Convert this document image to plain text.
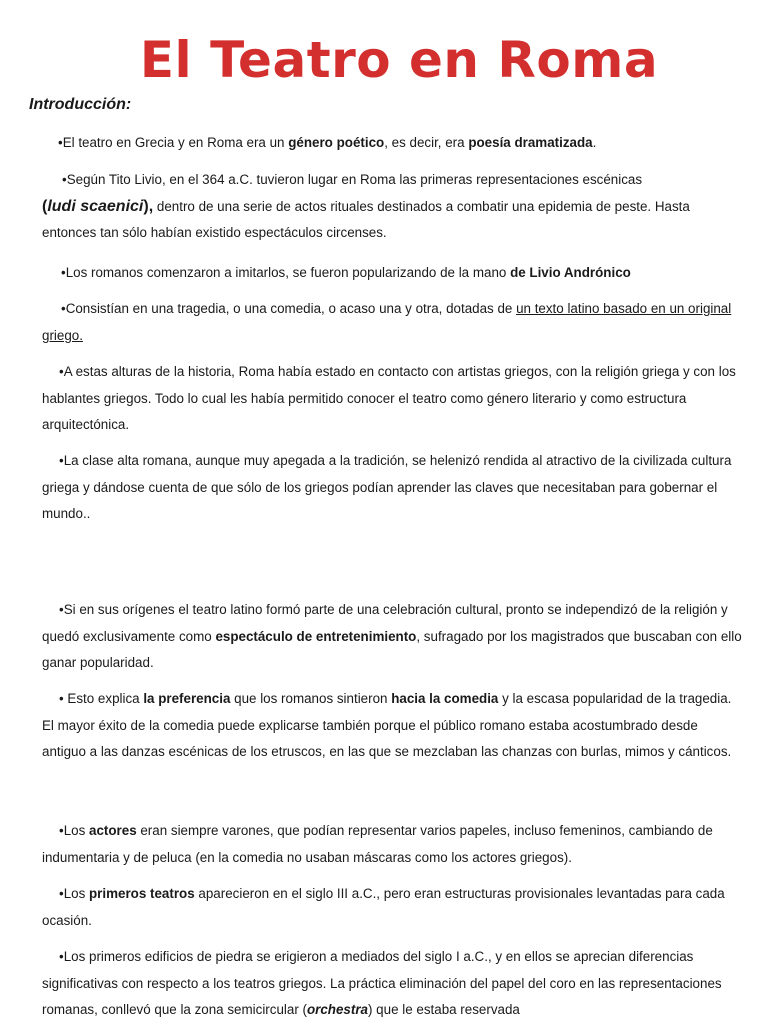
El Teatro en Roma
Introducción:

•El teatro en Grecia y en Roma era un género poético, es decir, era poesía dramatizada.

•Según Tito Livio, en el 364 a.C. tuvieron lugar en Roma las primeras representaciones escénicas
(ludi scaenici), dentro de una serie de actos rituales destinados a combatir una epidemia de peste. Hasta entonces tan sólo habían existido espectáculos circenses.

•Los romanos comenzaron a imitarlos, se fueron popularizando de la mano de Livio Andrónico

•Consistían en una tragedia, o una comedia, o acaso una y otra, dotadas de un texto latino basado en un original griego.

•A estas alturas de la historia, Roma había estado en contacto con artistas griegos, con la religión griega y con los hablantes griegos. Todo lo cual les había permitido conocer el teatro como género literario y como estructura arquitectónica.

•La clase alta romana, aunque muy apegada a la tradición, se helenizó rendida al atractivo de la civilizada cultura griega y dándose cuenta de que sólo de los griegos podían aprender las claves que necesitaban para gobernar el mundo..

•Si en sus orígenes el teatro latino formó parte de una celebración cultural, pronto se independizó de la religión y quedó exclusivamente como espectáculo de entretenimiento, sufragado por los magistrados que buscaban con ello ganar popularidad.

• Esto explica la preferencia que los romanos sintieron hacia la comedia y la escasa popularidad de la tragedia. El mayor éxito de la comedia puede explicarse también porque el público romano estaba acostumbrado desde antiguo a las danzas escénicas de los etruscos, en las que se mezclaban las chanzas con burlas, mimos y cánticos.

•Los actores eran siempre varones, que podían representar varios papeles, incluso femeninos, cambiando de indumentaria y de peluca (en la comedia no usaban máscaras como los actores griegos).

•Los primeros teatros aparecieron en el siglo III a.C., pero eran estructuras provisionales levantadas para cada ocasión.

•Los primeros edificios de piedra se erigieron a mediados del siglo I a.C., y en ellos se aprecian diferencias significativas con respecto a los teatros griegos. La práctica eliminación del papel del coro en las representaciones romanas, conllevó que la zona semicircular (orchestra) que le estaba reservada
